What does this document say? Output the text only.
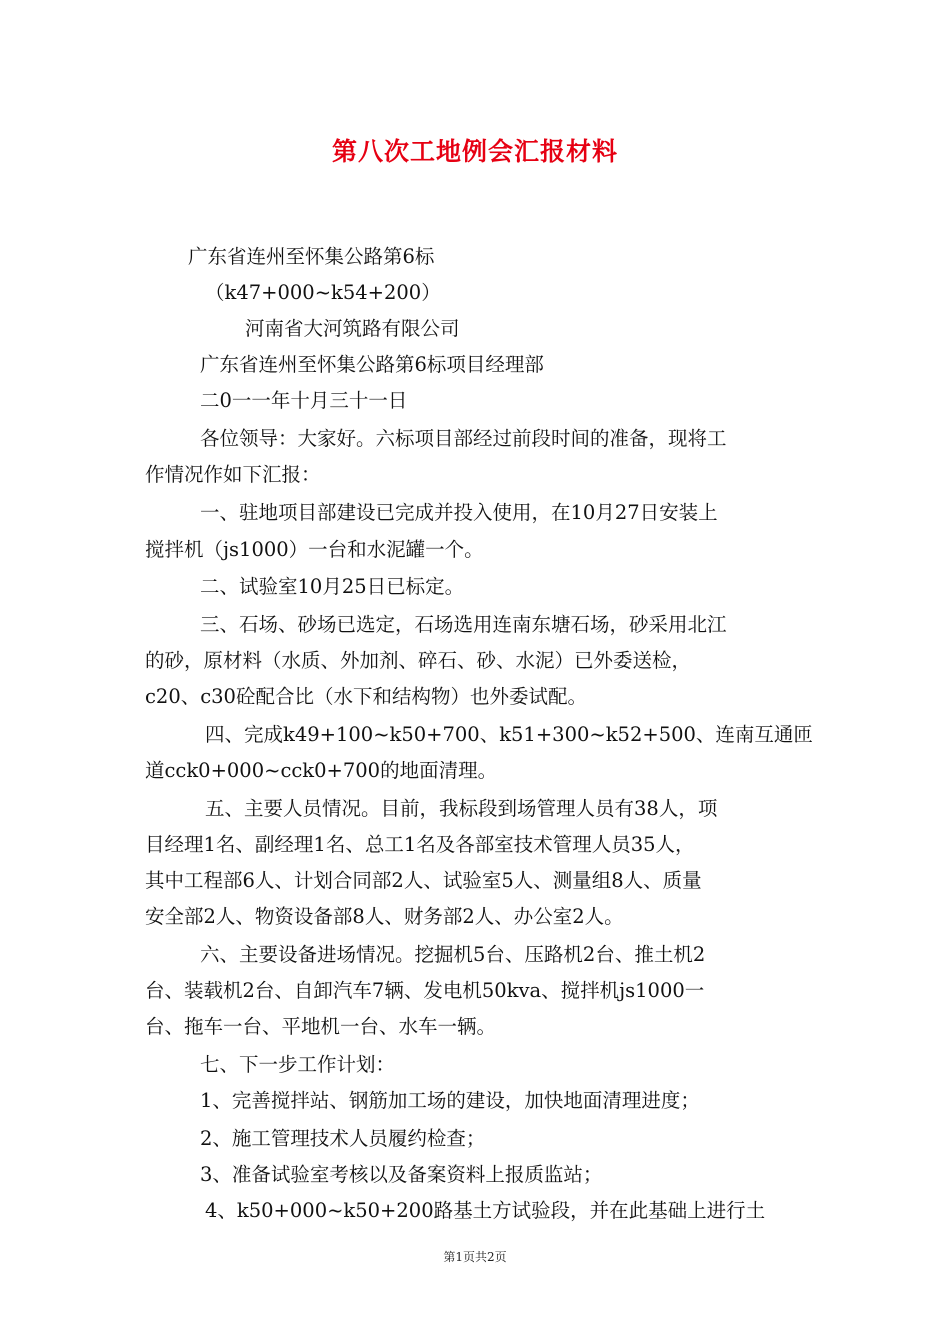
第八次工地例会汇报材料
广东省连州至怀集公路第6标
（k47+000~k54+200）
河南省大河筑路有限公司
广东省连州至怀集公路第6标项目经理部
二0一一年十月三十一日
各位领导：大家好。六标项目部经过前段时间的准备，现将工
作情况作如下汇报：
一、驻地项目部建设已完成并投入使用，在10月27日安装上
搅拌机（js1000）一台和水泥罐一个。
二、试验室10月25日已标定。
三、石场、砂场已选定，石场选用连南东塘石场，砂采用北江
的砂，原材料（水质、外加剂、碎石、砂、水泥）已外委送检，
c20、c30砼配合比（水下和结构物）也外委试配。
四、完成k49+100~k50+700、k51+300~k52+500、连南互通匝
道cck0+000~cck0+700的地面清理。
五、主要人员情况。目前，我标段到场管理人员有38人，项
目经理1名、副经理1名、总工1名及各部室技术管理人员35人，
其中工程部6人、计划合同部2人、试验室5人、测量组8人、质量
安全部2人、物资设备部8人、财务部2人、办公室2人。
六、主要设备进场情况。挖掘机5台、压路机2台、推土机2
台、装载机2台、自卸汽车7辆、发电机50kva、搅拌机js1000一
台、拖车一台、平地机一台、水车一辆。
七、下一步工作计划：
1、完善搅拌站、钢筋加工场的建设，加快地面清理进度；
2、施工管理技术人员履约检查；
3、准备试验室考核以及备案资料上报质监站；
4、k50+000~k50+200路基土方试验段，并在此基础上进行土
第1页共2页
